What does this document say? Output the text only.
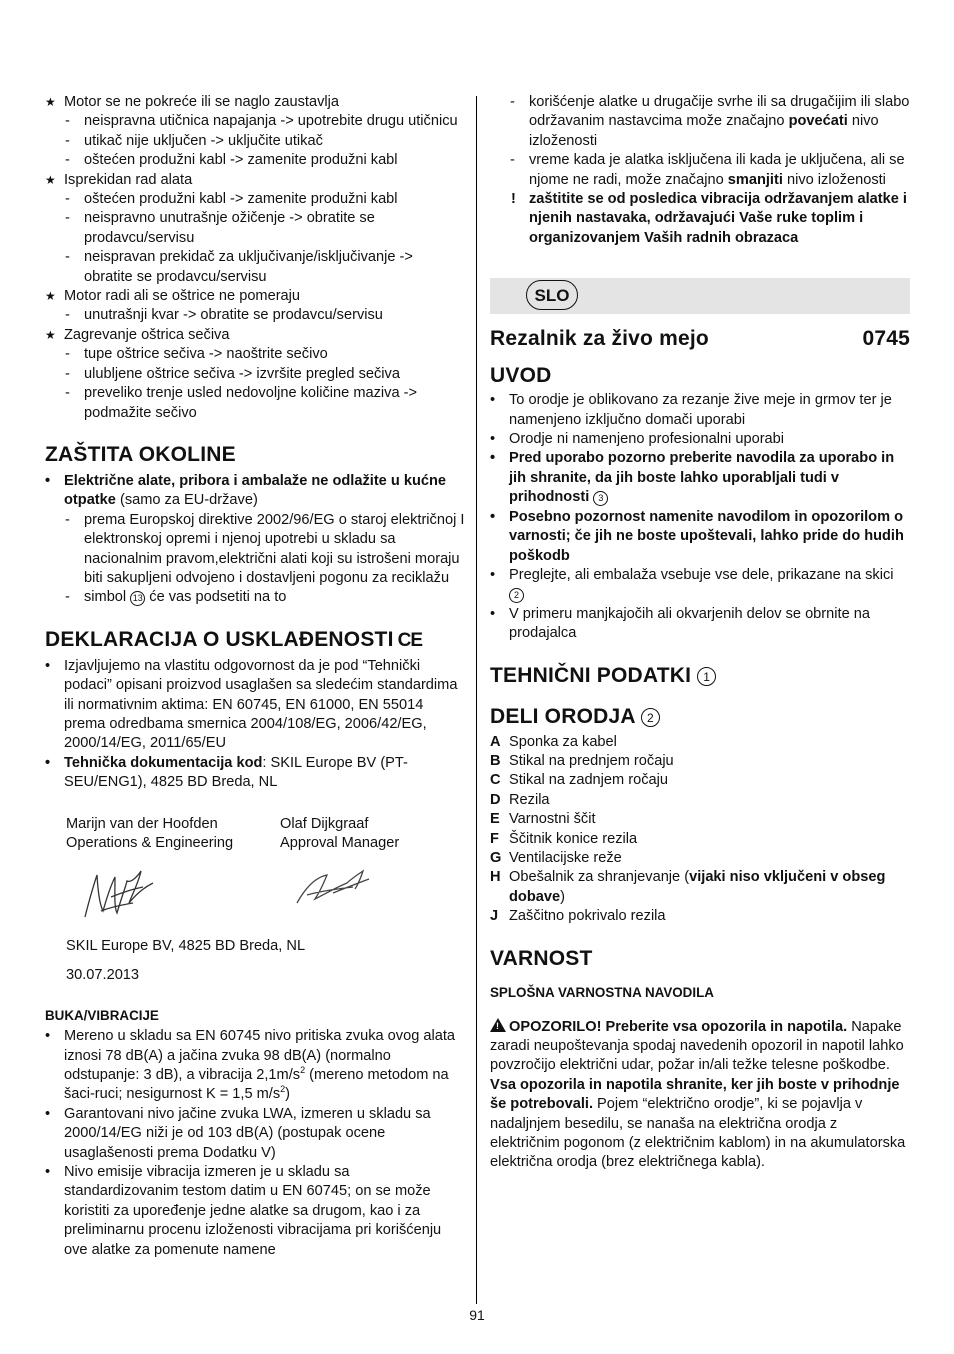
★ Motor se ne pokreće ili se naglo zaustavlja
- neispravna utičnica napajanja -> upotrebite drugu utičnicu
- utikač nije uključen -> uključite utikač
- oštećen produžni kabl -> zamenite produžni kabl
★ Isprekidan rad alata
- oštećen produžni kabl -> zamenite produžni kabl
- neispravno unutrašnje ožičenje -> obratite se prodavcu/servisu
- neispravan prekidač za uključivanje/isključivanje -> obratite se prodavcu/servisu
★ Motor radi ali se oštrice ne pomeraju
- unutrašnji kvar -> obratite se prodavcu/servisu
★ Zagrevanje oštrica sečiva
- tupe oštrice sečiva -> naoštrite sečivo
- ulubljene oštrice sečiva -> izvršite pregled sečiva
- preveliko trenje usled nedovoljne količine maziva -> podmažite sečivo
ZAŠTITA OKOLINE
• Električne alate, pribora i ambalaže ne odlažite u kućne otpatke (samo za EU-države)
- prema Europskoj direktive 2002/96/EG o staroj električnoj I elektronskoj opremi i njenoj upotrebi u skladu sa nacionalnim pravom,električni alati koji su istrošeni moraju biti sakupljeni odvojeno i dostavljeni pogonu za reciklažu
- simbol 13 će vas podsetiti na to
DEKLARACIJA O USKLAĐENOSTI CE
• Izjavljujemo na vlastitu odgovornost da je pod “Tehnički podaci” opisani proizvod usaglašen sa sledećim standardima ili normativnim aktima: EN 60745, EN 61000, EN 55014 prema odredbama smernica 2004/108/EG, 2006/42/EG, 2000/14/EG, 2011/65/EU
• Tehnička dokumentacija kod: SKIL Europe BV (PT-SEU/ENG1), 4825 BD Breda, NL
Marijn van der Hoofden
Operations & Engineering
Olaf Dijkgraaf
Approval Manager
SKIL Europe BV, 4825 BD Breda, NL
30.07.2013
BUKA/VIBRACIJE
• Mereno u skladu sa EN 60745 nivo pritiska zvuka ovog alata iznosi 78 dB(A) a jačina zvuka 98 dB(A) (normalno odstupanje: 3 dB), a vibracija $2,1m/s^2$ (mereno metodom na šaci-ruci; nesigurnost K = 1,5 $m/s^2$)
• Garantovani nivo jačine zvuka LWA, izmeren u skladu sa 2000/14/EG niži je od 103 dB(A) (postupak ocene usaglašenosti prema Dodatku V)
• Nivo emisije vibracija izmeren je u skladu sa standardizovanim testom datim u EN 60745; on se može koristiti za upoređenje jedne alatke sa drugom, kao i za preliminarnu procenu izloženosti vibracijama pri korišćenju ove alatke za pomenute namene
- korišćenje alatke u drugačije svrhe ili sa drugačijim ili slabo održavanim nastavcima može značajno povećati nivo izloženosti
- vreme kada je alatka isključena ili kada je uključena, ali se njome ne radi, može značajno smanjiti nivo izloženosti
! zaštitite se od posledica vibracija održavanjem alatke i njenih nastavaka, održavajući Vaše ruke toplim i organizovanjem Vaših radnih obrazaca
SLO
Rezalnik za živo mejo	0745
UVOD
• To orodje je oblikovano za rezanje žive meje in grmov ter je namenjeno izključno domači uporabi
• Orodje ni namenjeno profesionalni uporabi
• Pred uporabo pozorno preberite navodila za uporabo in jih shranite, da jih boste lahko uporabljali tudi v prihodnosti 3
• Posebno pozornost namenite navodilom in opozorilom o varnosti; če jih ne boste upoštevali, lahko pride do hudih poškodb
• Preglejte, ali embalaža vsebuje vse dele, prikazane na skici 2
• V primeru manjkajočih ali okvarjenih delov se obrnite na prodajalca
TEHNIČNI PODATKI 1
DELI ORODJA 2
A Sponka za kabel
B Stikal na prednjem ročaju
C Stikal na zadnjem ročaju
D Rezila
E Varnostni ščit
F Ščitnik konice rezila
G Ventilacijske reže
H Obešalnik za shranjevanje (vijaki niso vključeni v obseg dobave)
J Zaščitno pokrivalo rezila
VARNOST
SPLOŠNA VARNOSTNA NAVODILA
! OPOZORILO! Preberite vsa opozorila in napotila. Napake zaradi neupoštevanja spodaj navedenih opozoril in napotil lahko povzročijo električni udar, požar in/ali težke telesne poškodbe. Vsa opozorila in napotila shranite, ker jih boste v prihodnje še potrebovali. Pojem “električno orodje”, ki se pojavlja v nadaljnjem besedilu, se nanaša na električna orodja z električnim pogonom (z električnim kablom) in na akumulatorska električna orodja (brez električnega kabla).
91
